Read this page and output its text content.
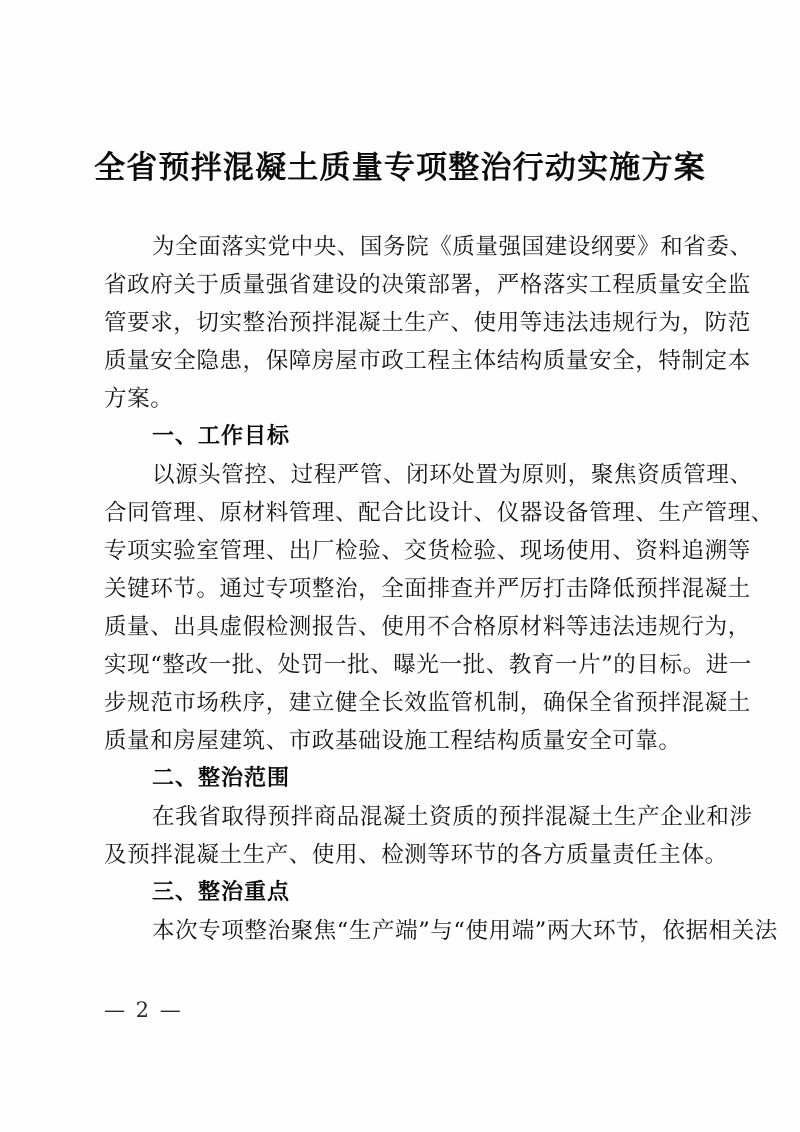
全省预拌混凝土质量专项整治行动实施方案
为全面落实党中央、国务院《质量强国建设纲要》和省委、
省政府关于质量强省建设的决策部署，严格落实工程质量安全监
管要求，切实整治预拌混凝土生产、使用等违法违规行为，防范
质量安全隐患，保障房屋市政工程主体结构质量安全，特制定本
方案。
一、工作目标
以源头管控、过程严管、闭环处置为原则，聚焦资质管理、
合同管理、原材料管理、配合比设计、仪器设备管理、生产管理、
专项实验室管理、出厂检验、交货检验、现场使用、资料追溯等
关键环节。通过专项整治，全面排查并严厉打击降低预拌混凝土
质量、出具虚假检测报告、使用不合格原材料等违法违规行为，
实现“整改一批、处罚一批、曝光一批、教育一片”的目标。进一
步规范市场秩序，建立健全长效监管机制，确保全省预拌混凝土
质量和房屋建筑、市政基础设施工程结构质量安全可靠。
二、整治范围
在我省取得预拌商品混凝土资质的预拌混凝土生产企业和涉
及预拌混凝土生产、使用、检测等环节的各方质量责任主体。
三、整治重点
本次专项整治聚焦“生产端”与“使用端”两大环节，依据相关法
— 2 —
